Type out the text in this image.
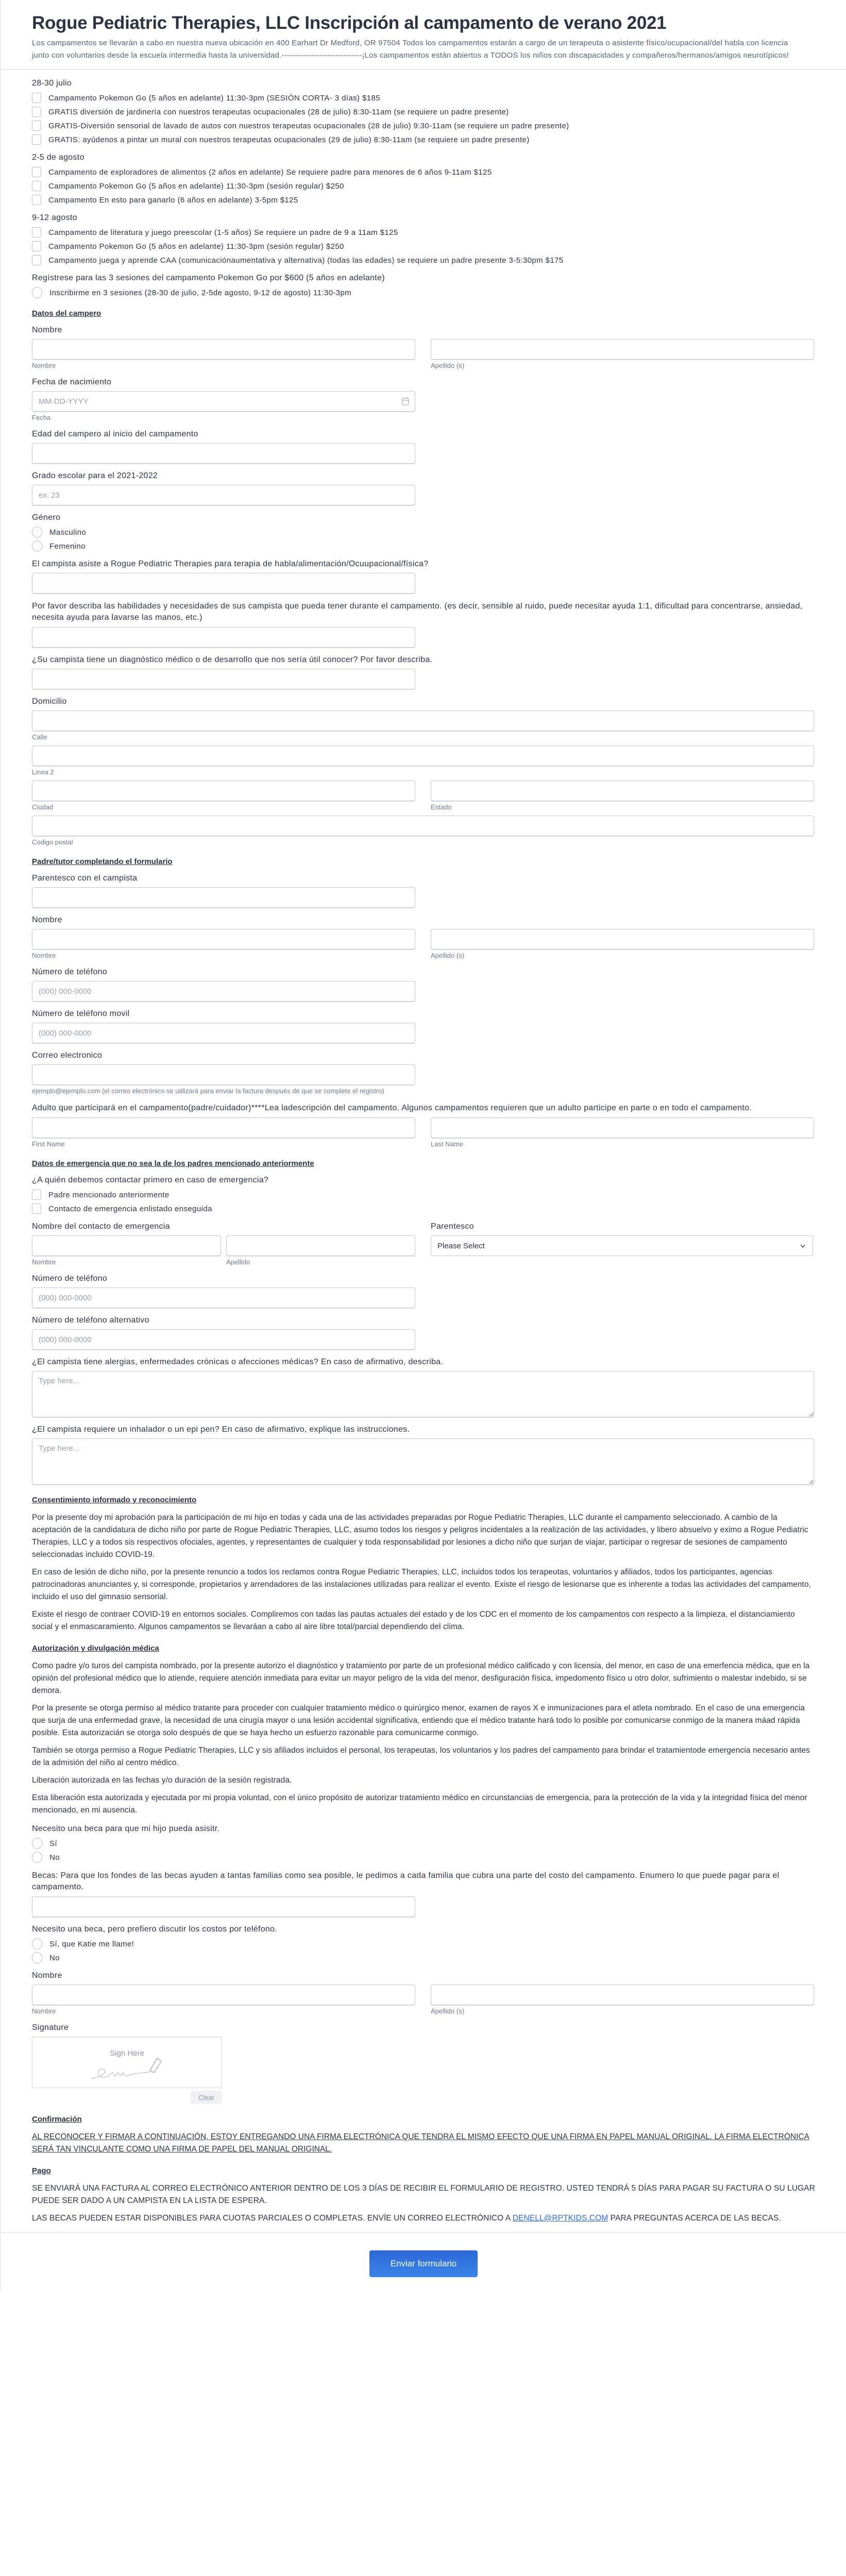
Rogue Pediatric Therapies, LLC Inscripción al campamento de verano 2021
Los campamentos se llevarán a cabo en nuestra nueva ubicación en 400 Earhart Dr Medford, OR 97504 Todos los campamentos estarán a cargo de un terapeuta o asistente físico/ocupacional/del habla con licencia junto con voluntarios desde la escuela intermedia hasta la universidad.------------------------------¡Los campamentos están abiertos a TODOS los niños con discapacidades y compañeros/hermanos/amigos neurotípicos!
28-30 julio
Campamento Pokemon Go (5 años en adelante) 11:30-3pm (SESIÓN CORTA- 3 días) $185
GRATIS diversión de jardinería con nuestros terapeutas ocupacionales (28 de julio) 8:30-11am (se requiere un padre presente)
GRATIS-Diversión sensorial de lavado de autos con nuestros terapeutas ocupacionales (28 de julio) 9:30-11am (se requiere un padre presente)
GRATIS: ayúdenos a pintar un mural con nuestros terapeutas ocupacionales (29 de julio) 8:30-11am (se requiere un padre presente)
2-5 de agosto
Campamento de exploradores de alimentos (2 años en adelante) Se requiere padre para menores de 6 años 9-11am $125
Campamento Pokemon Go (5 años en adelante) 11:30-3pm (sesión regular) $250
Campamento En esto para ganarlo (6 años en adelante) 3-5pm $125
9-12 agosto
Campamento de literatura y juego preescolar (1-5 años) Se requiere un padre de 9 a 11am $125
Campamento Pokemon Go (5 años en adelante) 11:30-3pm (sesión regular) $250
Campamento juega y aprende CAA (comunicaciónaumentativa y alternativa) (todas las edades) se requiere un padre presente 3-5:30pm $175
Regístrese para las 3 sesiones del campamento Pokemon Go por $600 (5 años en adelante)
Inscribirme en 3 sesiones (28-30 de julio, 2-5de agosto, 9-12 de agosto) 11:30-3pm
Datos del campero
Nombre
Nombre	Apellido (s)
Fecha de nacimiento
MM-DD-YYYY
Fecha
Edad del campero al inicio del campamento
Grado escolar para el 2021-2022
ex: 23
Género
Masculino
Femenino
El campista asiste a Rogue Pediatric Therapies para terapia de habla/alimentación/Ocuupacional/física?
Por favor describa las habilidades y necesidades de sus campista que pueda tener durante el campamento. (es decir, sensible al ruido, puede necesitar ayuda 1:1, dificultad para concentrarse, ansiedad, necesita ayuda para lavarse las manos, etc.)
¿Su campista tiene un diagnóstico médico o de desarrollo que nos sería útil conocer? Por favor describa.
Domicilio
Calle
Linea 2
Ciudad	Estado
Codigo postal
Padre/tutor completando el formulario
Parentesco con el campista
Nombre
Nombre	Apellido (s)
Número de teléfono
(000) 000-0000
Número de teléfono movil
(000) 000-0000
Correo electronico
ejemplo@ejemplo.com (el correo electrónico se utilizará para enviar la factura después de que se complete el registro)
Adulto que participará en el campamento(padre/cuidador)****Lea ladescripción del campamento. Algunos campamentos requieren que un adulto participe en parte o en todo el campamento.
First Name	Last Name
Datos de emergencia que no sea la de los padres mencionado anteriormente
¿A quién debemos contactar primero en caso de emergencia?
Padre mencionado anteriormente
Contacto de emergencia enlistado enseguida
Nombre del contacto de emergencia
Nombre	Apellido
Parentesco
Please Select
Número de teléfono
(000) 000-0000
Número de teléfono alternativo
(000) 000-0000
¿El campista tiene alergias, enfermedades crónicas o afecciones médicas? En caso de afirmativo, describa.
Type here...
¿El campista requiere un inhalador o un epi pen? En caso de afirmativo, explique las instrucciones.
Type here...
Consentimiento informado y reconocimiento
Por la presente doy mi aprobación para la participación de mi hijo en todas y cada una de las actividades preparadas por Rogue Pediatric Therapies, LLC durante el campamento seleccionado. A cambio de la aceptación de la candidatura de dicho niño por parte de Rogue Pediatric Therapies, LLC, asumo todos los riesgos y peligros incidentales a la realización de las actividades, y libero absuelvo y eximo a Rogue Pediatric Therapies, LLC y a todos sis respectivos ofociales, agentes, y representantes de cualquier y toda responsabilidad por lesiones a dicho niño que surjan de viajar, participar o regresar de sesiones de campamento seleccionadas incluido COVID-19.
En caso de lesión de dicho niño, por la presente renuncio a todos los reclamos contra Rogue Pediatric Therapies, LLC, incluidos todos los terapeutas, voluntarios y afiliados, todos los participantes, agencias patrocinadoras anunciantes y, si corresponde, propietarios y arrendadores de las instalaciones utilizadas para realizar el evento. Existe el riesgo de lesionarse que es inherente a todas las actividades del campamento, incluido el uso del gimnasio sensorial.
Existe el riesgo de contraer COVID-19 en entornos sociales. Compliremos con tadas las pautas actuales del estado y de los CDC en el momento de los campamentos con respecto a la limpieza, el distanciamiento social y el enmascaramiento. Algunos campamentos se llevaráan a cabo al aire libre total/parcial dependiendo del clima.
Autorización y divulgación médica
Como padre y/o turos del campista nombrado, por la presente autorizo el diagnóstico y tratamiento por parte de un profesional médico calificado y con licensia, del menor, en caso de una emerfencia médica, que en la opinión del profesional médico que lo atiende, requiere atención inmediata para evitar un mayor peligro de la vida del menor, desfiguración física, impedomento físico u otro dolor, sufrimiento o malestar indebido, si se demora.
Por la presente se otorga permiso al médico tratante para proceder con cualquier tratamiento médico o quirúrgico menor, examen de rayos X e inmunizaciones para el atleta nombrado. En el caso de una emergencia que surja de una enfermedad grave, la necesidad de una cirugía mayor o una lesión accidental significativa, entiendo que el médico tratante hará todo lo posible por comunicarse conmigo de la manera máad rápida posible. Esta autorizacián se otorga solo después de que se haya hecho un esfuerzo razonable para comunicarme conmigo.
También se otorga permiso a Rogue Pediatric Therapies, LLC y sis afiliados incluidos el personal, los terapeutas, los voluntarios y los padres del campamento para brindar el tratamientode emergencia necesario antes de la admisión del niño al centro médico.
Liberación autorizada en las fechas y/o duración de la sesión registrada.
Esta liberación esta autorizada y ejecutada por mi propia voluntad, con el único propósito de autorizar tratamiento médico en circunstancias de emergencia, para la protección de la vida y la integridad física del menor mencionado, en mi ausencia.
Necesito una beca para que mi hijo pueda asisitr.
Sí
No
Becas: Para que los fondes de las becas ayuden a tantas familias como sea posible, le pedimos a cada familia que cubra una parte del costo del campamento. Enumero lo que puede pagar para el campamento.
Necesito una beca, pero prefiero discutir los costos por teléfono.
Sí, que Katie me llame!
No
Nombre
Nombre	Apellido (s)
Signature
Sign Here
Clear
Confirmación
AL RECONOCER Y FIRMAR A CONTINUACIÓN, ESTOY ENTREGANDO UNA FIRMA ELECTRÓNICA QUE TENDRA EL MISMO EFECTO QUE UNA FIRMA EN PAPEL MANUAL ORIGINAL. LA FIRMA ELECTRÓNICA SERÁ TAN VINCULANTE COMO UNA FIRMA DE PAPEL DEL MANUAL ORIGINAL.
Pago
SE ENVIARÁ UNA FACTURA AL CORREO ELECTRÓNICO ANTERIOR DENTRO DE LOS 3 DÍAS DE RECIBIR EL FORMULARIO DE REGISTRO. USTED TENDRÁ 5 DÍAS PARA PAGAR SU FACTURA O SU LUGAR PUEDE SER DADO A UN CAMPISTA EN LA LISTA DE ESPERA.
LAS BECAS PUEDEN ESTAR DISPONIBLES PARA CUOTAS PARCIALES O COMPLETAS. ENVÍE UN CORREO ELECTRÓNICO A DENELL@RPTKIDS.COM PARA PREGUNTAS ACERCA DE LAS BECAS.
Enviar formulario
